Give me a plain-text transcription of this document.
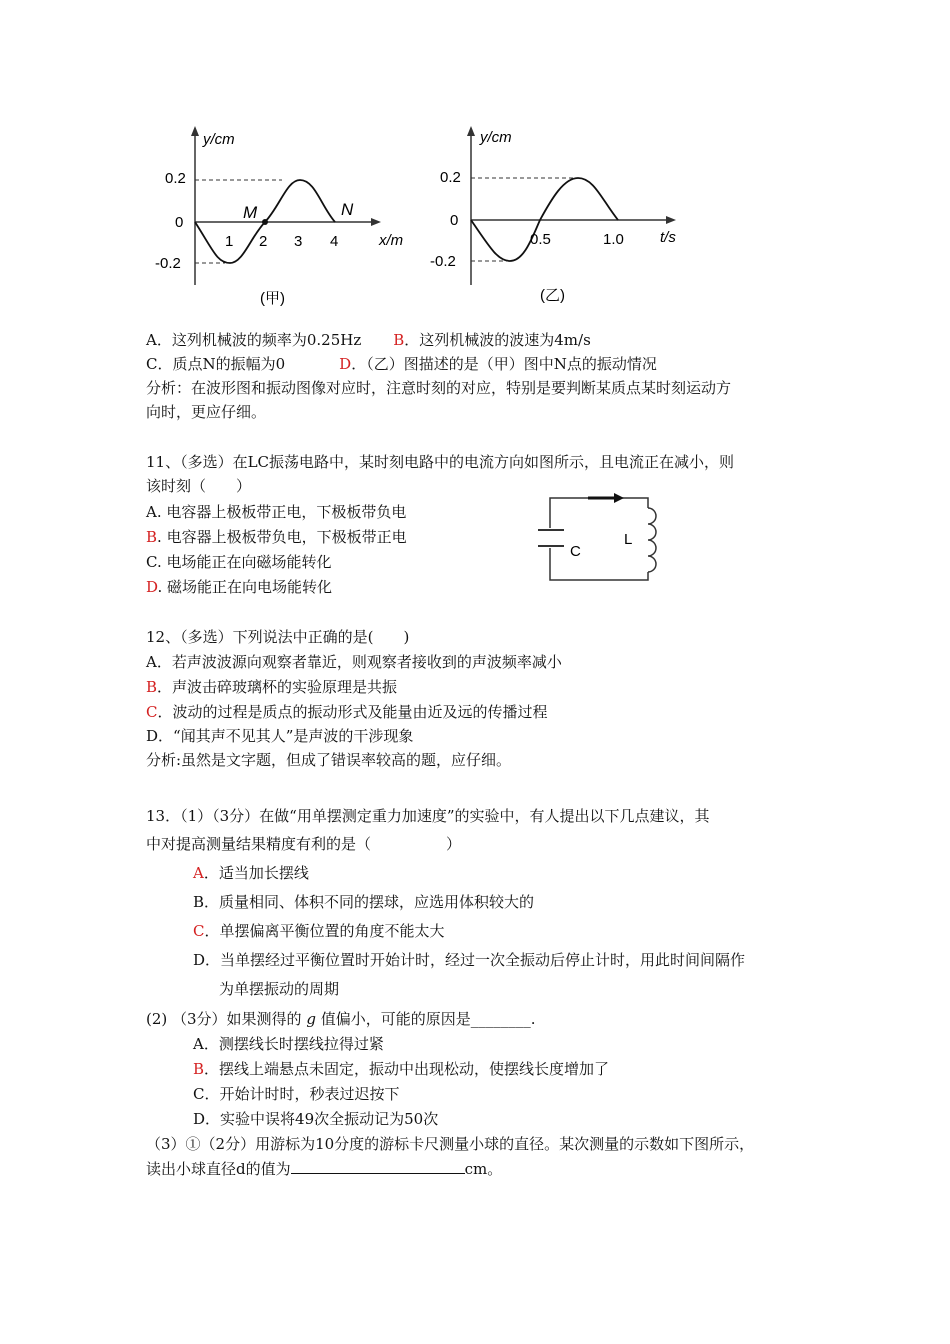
y/cm
x/m
0.2
0
-0.2
1 2 3 4
M	N
(甲)
y/cm
t/s
0.2
0
-0.2
0.5	1.0
(乙)
A．这列机械波的频率为0.25Hz B．这列机械波的波速为4m/s
C．质点N的振幅为0	D．（乙）图描述的是（甲）图中N点的振动情况
分析：在波形图和振动图像对应时，注意时刻的对应，特别是要判断某质点某时刻运动方
向时，更应仔细。
11、（多选）在LC振荡电路中，某时刻电路中的电流方向如图所示，且电流正在减小，则
该时刻（　　）
A. 电容器上极板带正电，下极板带负电
B. 电容器上极板带负电，下极板带正电
C. 电场能正在向磁场能转化
D. 磁场能正在向电场能转化
C
L
12、（多选）下列说法中正确的是(　　)
A．若声波波源向观察者靠近，则观察者接收到的声波频率减小
B．声波击碎玻璃杯的实验原理是共振
C．波动的过程是质点的振动形式及能量由近及远的传播过程
D．“闻其声不见其人”是声波的干涉现象
分析:虽然是文字题，但成了错误率较高的题，应仔细。
13．（1）（3分）在做“用单摆测定重力加速度”的实验中，有人提出以下几点建议，其
中对提高测量结果精度有利的是（　　　　　）
A．适当加长摆线
B．质量相同、体积不同的摆球，应选用体积较大的
C．单摆偏离平衡位置的角度不能太大
D．当单摆经过平衡位置时开始计时，经过一次全振动后停止计时，用此时间间隔作
为单摆振动的周期
(2) （3分）如果测得的 g 值偏小，可能的原因是________.
A．测摆线长时摆线拉得过紧
B．摆线上端悬点未固定，振动中出现松动，使摆线长度增加了
C．开始计时时，秒表过迟按下
D．实验中误将49次全振动记为50次
（3）①（2分）用游标为10分度的游标卡尺测量小球的直径。某次测量的示数如下图所示，
读出小球直径d的值为	cm。
